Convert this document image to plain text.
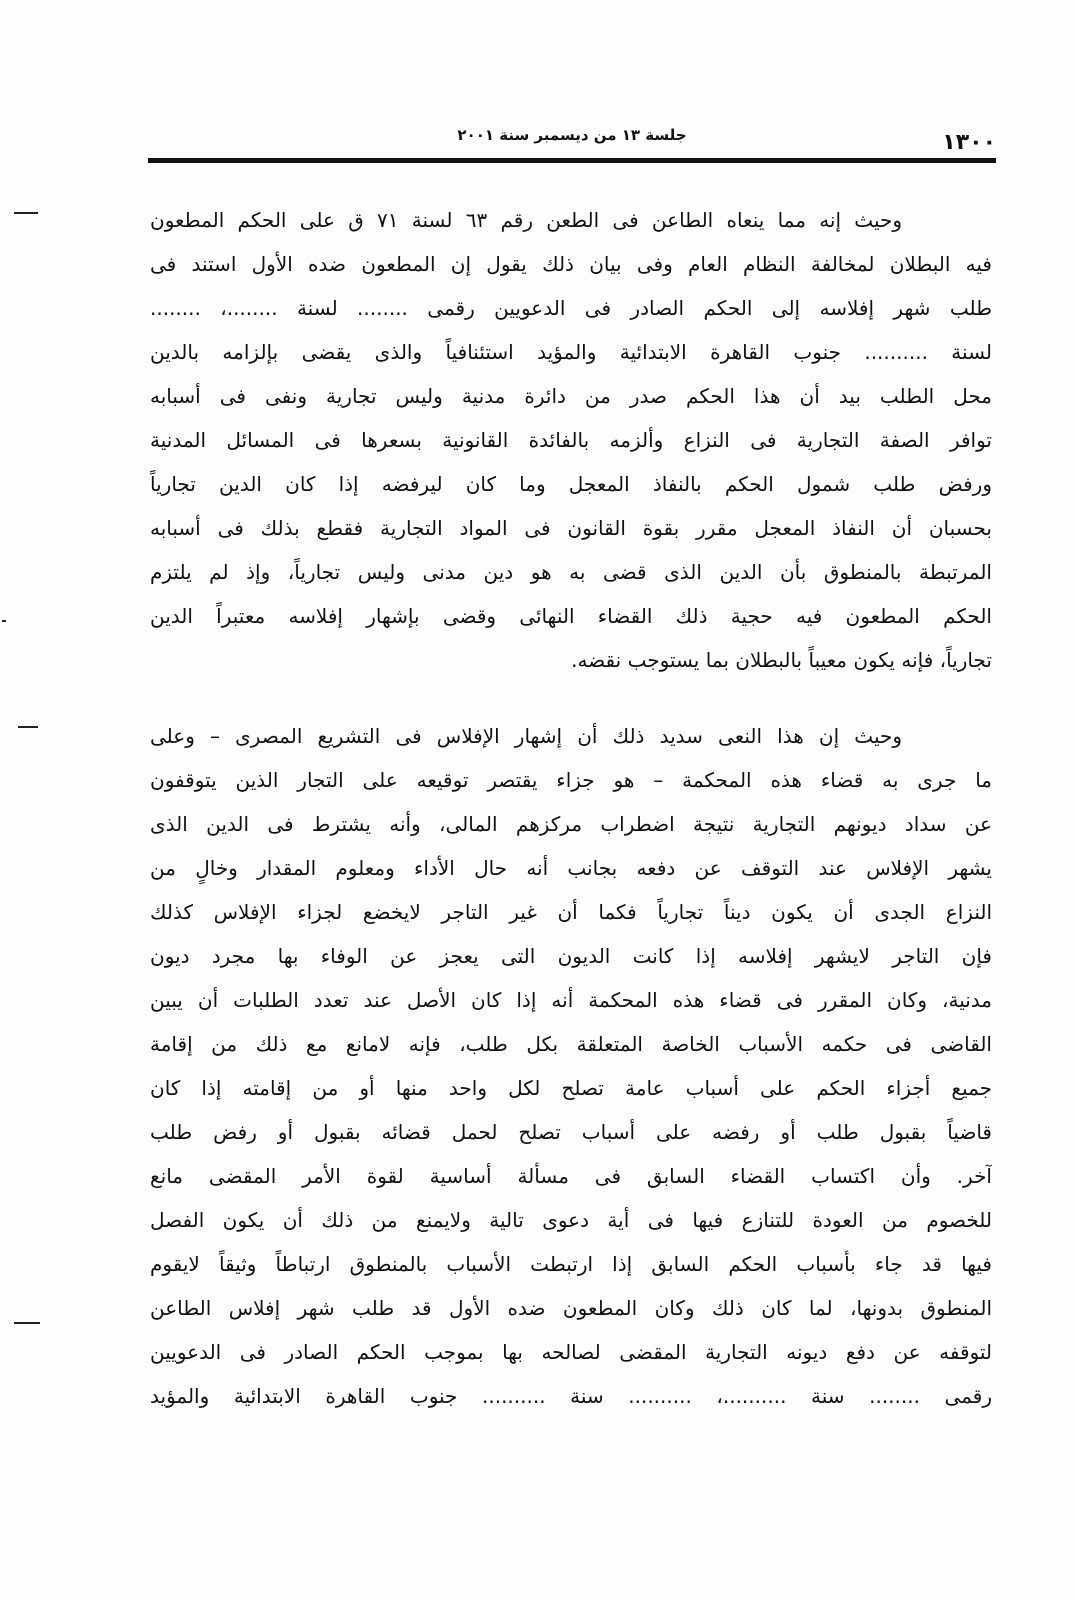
١٣٠٠
جلسة ١٣ من ديسمبر سنة ٢٠٠١
وحيث إنه مما ينعاه الطاعن فى الطعن رقم ٦٣ لسنة ٧١ ق على الحكم المطعون
فيه البطلان لمخالفة النظام العام وفى بيان ذلك يقول إن المطعون ضده الأول استند فى
طلب شهر إفلاسه إلى الحكم الصادر فى الدعويين رقمى ........ لسنة ........، ........
لسنة .......... جنوب القاهرة الابتدائية والمؤيد استئنافياً والذى يقضى بإلزامه بالدين
محل الطلب بيد أن هذا الحكم صدر من دائرة مدنية وليس تجارية ونفى فى أسبابه
توافر الصفة التجارية فى النزاع وألزمه بالفائدة القانونية بسعرها فى المسائل المدنية
ورفض طلب شمول الحكم بالنفاذ المعجل وما كان ليرفضه إذا كان الدين تجارياً
بحسبان أن النفاذ المعجل مقرر بقوة القانون فى المواد التجارية فقطع بذلك فى أسبابه
المرتبطة بالمنطوق بأن الدين الذى قضى به هو دين مدنى وليس تجارياً، وإذ لم يلتزم
الحكم المطعون فيه حجية ذلك القضاء النهائى وقضى بإشهار إفلاسه معتبراً الدين
تجارياً، فإنه يكون معيباً بالبطلان بما يستوجب نقضه.
وحيث إن هذا النعى سديد ذلك أن إشهار الإفلاس فى التشريع المصرى – وعلى
ما جرى به قضاء هذه المحكمة – هو جزاء يقتصر توقيعه على التجار الذين يتوقفون
عن سداد ديونهم التجارية نتيجة اضطراب مركزهم المالى، وأنه يشترط فى الدين الذى
يشهر الإفلاس عند التوقف عن دفعه بجانب أنه حال الأداء ومعلوم المقدار وخالٍ من
النزاع الجدى أن يكون ديناً تجارياً فكما أن غير التاجر لايخضع لجزاء الإفلاس كذلك
فإن التاجر لايشهر إفلاسه إذا كانت الديون التى يعجز عن الوفاء بها مجرد ديون
مدنية، وكان المقرر فى قضاء هذه المحكمة أنه إذا كان الأصل عند تعدد الطلبات أن يبين
القاضى فى حكمه الأسباب الخاصة المتعلقة بكل طلب، فإنه لامانع مع ذلك من إقامة
جميع أجزاء الحكم على أسباب عامة تصلح لكل واحد منها أو من إقامته إذا كان
قاضياً بقبول طلب أو رفضه على أسباب تصلح لحمل قضائه بقبول أو رفض طلب
آخر. وأن اكتساب القضاء السابق فى مسألة أساسية لقوة الأمر المقضى مانع
للخصوم من العودة للتنازع فيها فى أية دعوى تالية ولايمنع من ذلك أن يكون الفصل
فيها قد جاء بأسباب الحكم السابق إذا ارتبطت الأسباب بالمنطوق ارتباطاً وثيقاً لايقوم
المنطوق بدونها، لما كان ذلك وكان المطعون ضده الأول قد طلب شهر إفلاس الطاعن
لتوقفه عن دفع ديونه التجارية المقضى لصالحه بها بموجب الحكم الصادر فى الدعويين
رقمى ........ سنة ..........، .......... سنة .......... جنوب القاهرة الابتدائية والمؤيد
